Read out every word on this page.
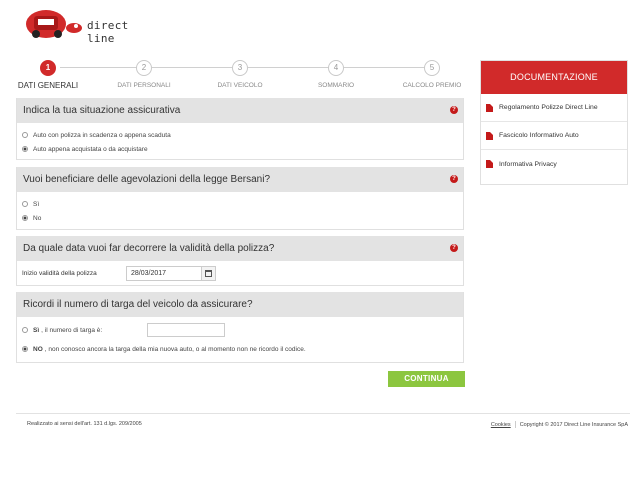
direct line
1
DATI GENERALI
2
DATI PERSONALI
3
DATI VEICOLO
4
SOMMARIO
5
CALCOLO PREMIO
Indica la tua situazione assicurativa	?
Auto con polizza in scadenza o appena scaduta
Auto appena acquistata o da acquistare
Vuoi beneficiare delle agevolazioni della legge Bersani?	?
Sì
No
Da quale data vuoi far decorrere la validità della polizza?	?
Inizio validità della polizza	28/03/2017
Ricordi il numero di targa del veicolo da assicurare?
Sì , il numero di targa è:
NO , non conosco ancora la targa della mia nuova auto, o al momento non ne ricordo il codice.
CONTINUA
DOCUMENTAZIONE
Regolamento Polizze Direct Line
Fascicolo Informativo Auto
Informativa Privacy
Realizzato ai sensi dell'art. 131 d.lgs. 209/2005	Cookies Copyright © 2017 Direct Line Insurance SpA
